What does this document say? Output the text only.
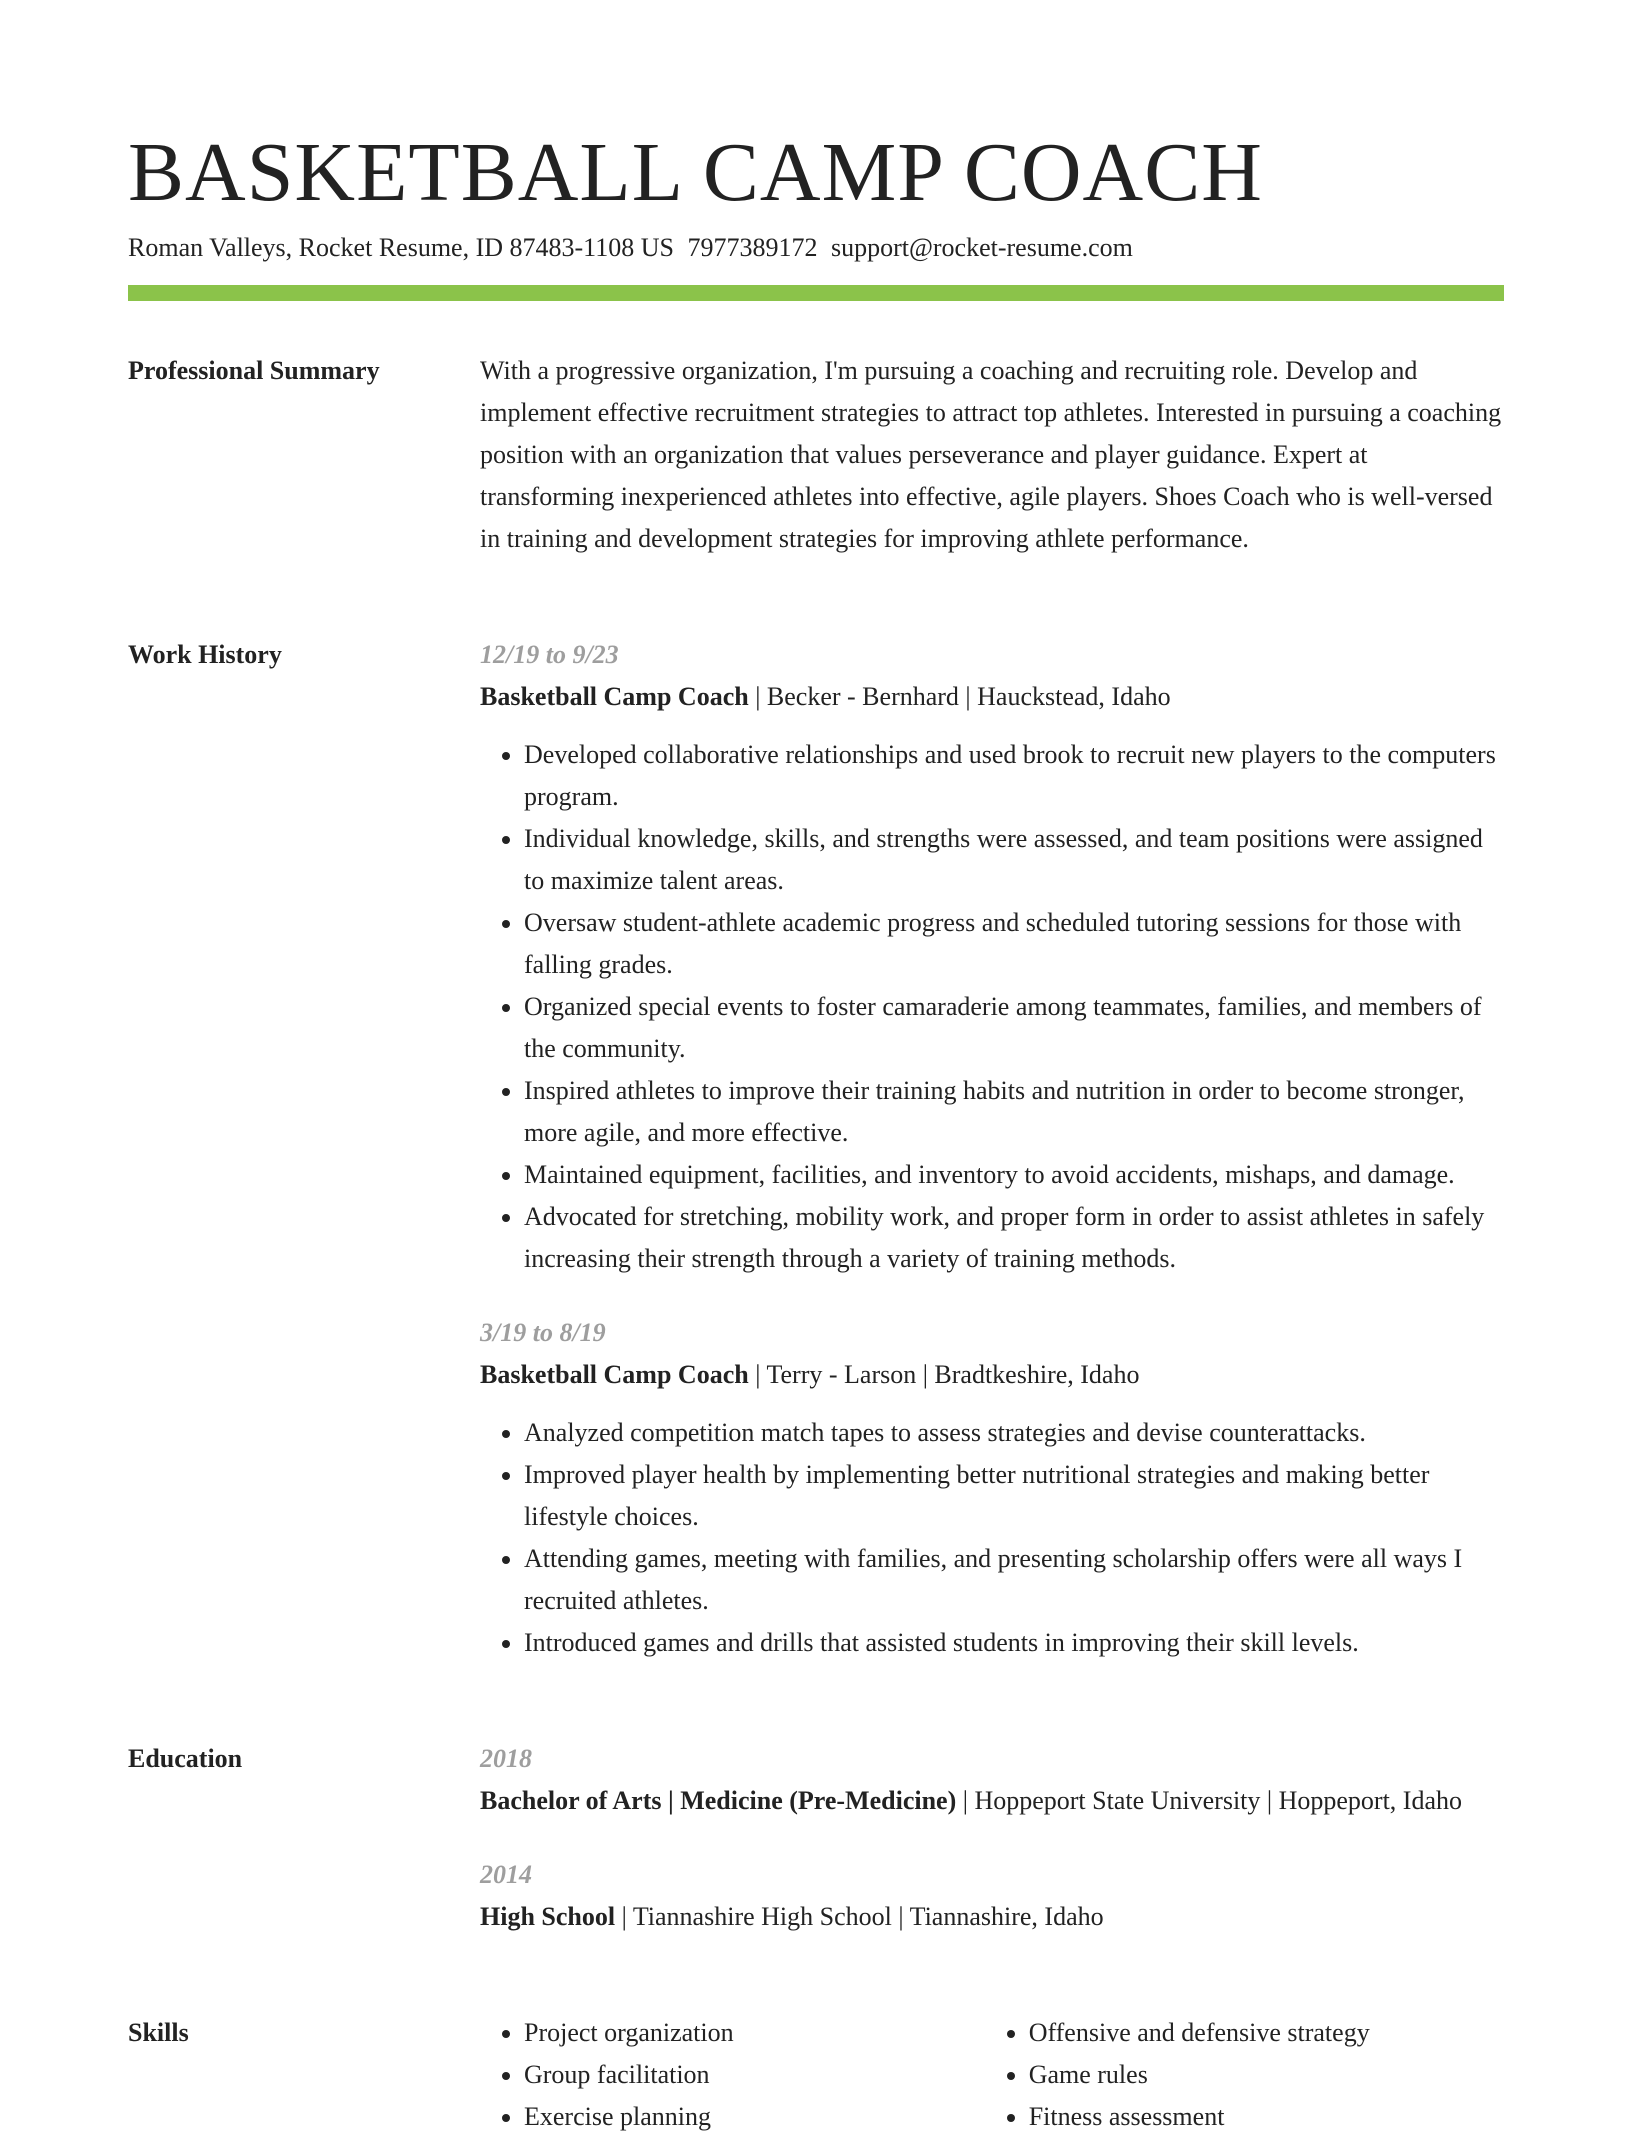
BASKETBALL CAMP COACH

Roman Valleys, Rocket Resume, ID 87483-1108 US 7977389172 support@rocket-resume.com

Professional Summary	With a progressive organization, I'm pursuing a coaching and recruiting role. Develop and implement effective recruitment strategies to attract top athletes. Interested in pursuing a coaching position with an organization that values perseverance and player guidance. Expert at transforming inexperienced athletes into effective, agile players. Shoes Coach who is well-versed in training and development strategies for improving athlete performance.

Work History	12/19 to 9/23

Basketball Camp Coach | Becker - Bernhard | Hauckstead, Idaho

• Developed collaborative relationships and used brook to recruit new players to the computers program.
• Individual knowledge, skills, and strengths were assessed, and team positions were assigned to maximize talent areas.
• Oversaw student-athlete academic progress and scheduled tutoring sessions for those with falling grades.
• Organized special events to foster camaraderie among teammates, families, and members of the community.
• Inspired athletes to improve their training habits and nutrition in order to become stronger, more agile, and more effective.
• Maintained equipment, facilities, and inventory to avoid accidents, mishaps, and damage.
• Advocated for stretching, mobility work, and proper form in order to assist athletes in safely increasing their strength through a variety of training methods.

3/19 to 8/19

Basketball Camp Coach | Terry - Larson | Bradtkeshire, Idaho

• Analyzed competition match tapes to assess strategies and devise counterattacks.
• Improved player health by implementing better nutritional strategies and making better lifestyle choices.
• Attending games, meeting with families, and presenting scholarship offers were all ways I recruited athletes.
• Introduced games and drills that assisted students in improving their skill levels.
Education	2018

Bachelor of Arts | Medicine (Pre-Medicine) | Hoppeport State University | Hoppeport, Idaho

2014

High School | Tiannashire High School | Tiannashire, Idaho

Skills
•	Project organization
• Group facilitation
• Exercise planning
• Offensive and defensive strategy
• Game rules
• Fitness assessment
